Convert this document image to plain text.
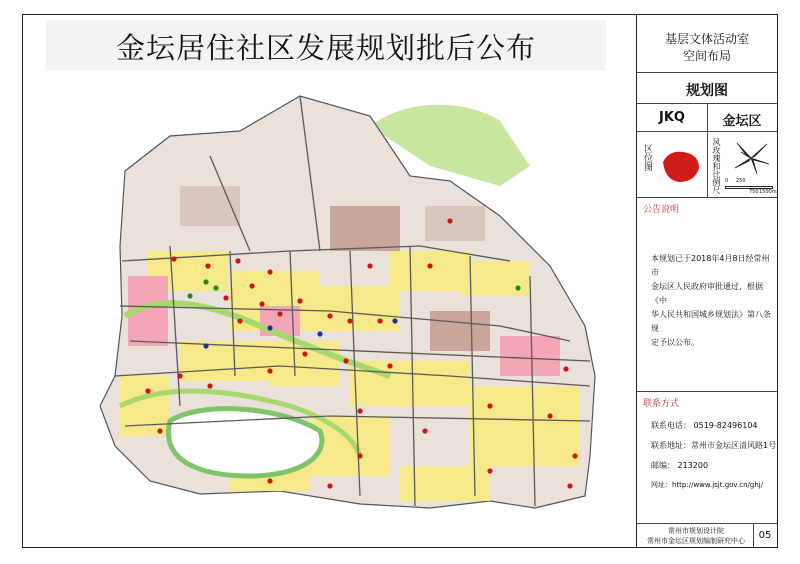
金坛居住社区发展规划批后公布	基层文体活动室
空间布局
规划图
JKQ	金坛区
区位图	风玫瑰和比例尺 0 250
750 1500m
公告说明
本规划已于2018年4月8日经常州市
金坛区人民政府审批通过，根据《中
华人民共和国城乡规划法》第八条规
定予以公布。
联系方式
联系电话： 0519-82496104
联系地址：常州市金坛区清风路1号
邮编： 213200
网址：http://www.jsjt.gov.cn/ghj/
常州市规划设计院
常州市金坛区规划编制研究中心	05
